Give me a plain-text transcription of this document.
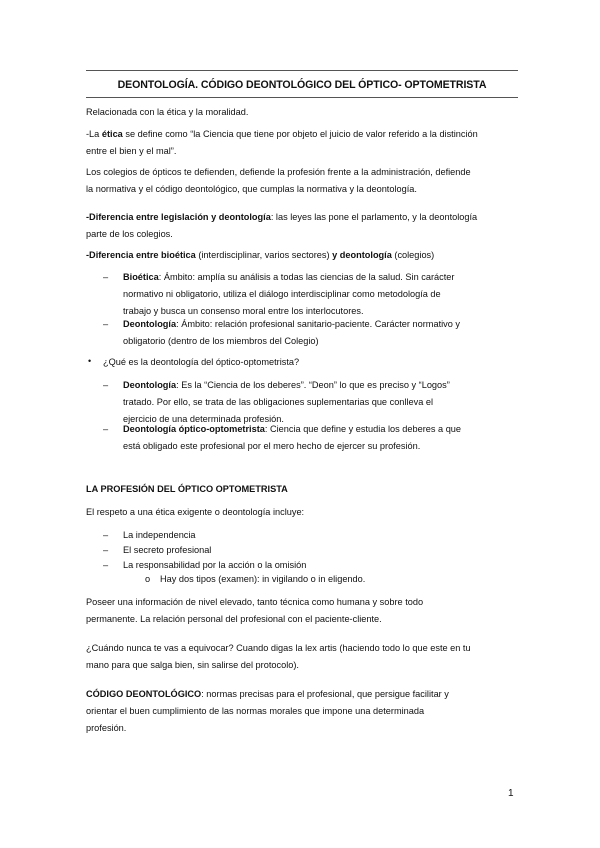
DEONTOLOGÍA. CÓDIGO DEONTOLÓGICO DEL ÓPTICO- OPTOMETRISTA
Relacionada con la ética y la moralidad.
-La ética se define como “la Ciencia que tiene por objeto el juicio de valor referido a la distinción
entre el bien y el mal”.
Los colegios de ópticos te defienden, defiende la profesión frente a la administración, defiende
la normativa y el código deontológico, que cumplas la normativa y la deontología.
-Diferencia entre legislación y deontología: las leyes las pone el parlamento, y la deontología
parte de los colegios.
-Diferencia entre bioética (interdisciplinar, varios sectores) y deontología (colegios)
– Bioética: Ámbito: amplía su análisis a todas las ciencias de la salud. Sin carácter
normativo ni obligatorio, utiliza el diálogo interdisciplinar como metodología de
trabajo y busca un consenso moral entre los interlocutores.
– Deontología: Ámbito: relación profesional sanitario-paciente. Carácter normativo y
obligatorio (dentro de los miembros del Colegio)
• ¿Qué es la deontología del óptico-optometrista?
– Deontología: Es la “Ciencia de los deberes”. “Deon” lo que es preciso y “Logos”
tratado. Por ello, se trata de las obligaciones suplementarias que conlleva el
ejercicio de una determinada profesión.
– Deontología óptico-optometrista: Ciencia que define y estudia los deberes a que
está obligado este profesional por el mero hecho de ejercer su profesión.
LA PROFESIÓN DEL ÓPTICO OPTOMETRISTA
El respeto a una ética exigente o deontología incluye:
– La independencia
– El secreto profesional
– La responsabilidad por la acción o la omisión
o Hay dos tipos (examen): in vigilando o in eligendo.
Poseer una información de nivel elevado, tanto técnica como humana y sobre todo
permanente. La relación personal del profesional con el paciente-cliente.
¿Cuándo nunca te vas a equivocar? Cuando digas la lex artis (haciendo todo lo que este en tu
mano para que salga bien, sin salirse del protocolo).
CÓDIGO DEONTOLÓGICO: normas precisas para el profesional, que persigue facilitar y
orientar el buen cumplimiento de las normas morales que impone una determinada
profesión.
1
